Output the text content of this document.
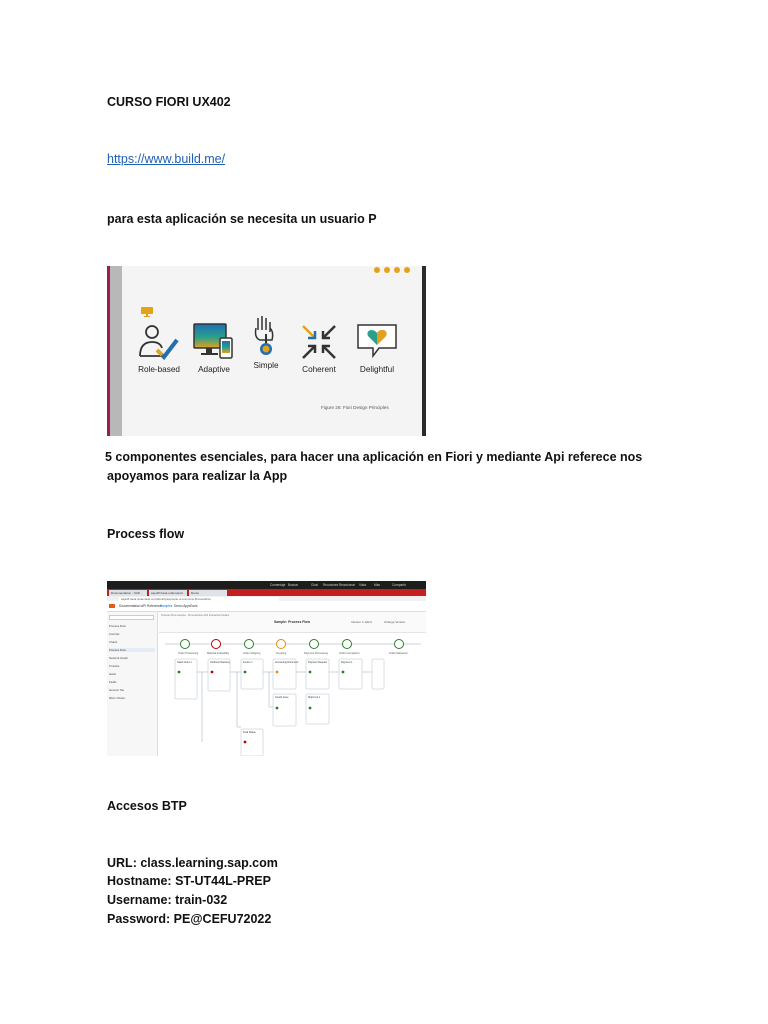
CURSO FIORI UX402
https://www.build.me/
para esta aplicación se necesita un usuario P
Role-based	Adaptive	Simple	Coherent	Delightful
Figure 26: Fiori Design Principles
5 componentes esenciales, para hacer una aplicación en Fiori y mediante Api referece nos
apoyamos para realizar la App
Process flow
Comentaje Buscar	Chat Reuniones Reaccionar Vista Más	Compartir
Documentation - SAP...	sapui5.hana.ondemand...	Demo
sapui5.hana.ondemand.com/#/entity/sap.suite.ui.commons.ProcessFlow
Documentation API Reference
Samples Demo Apps Tools
Process Flow
Controls
Charts
Process Flow
Network Graph
Timeline
Gantt
Fields
Generic Tile
Micro Charts
Process Flow sample - ProcessFlow with Interactive Nodes
Sample: Process Flow	Version 1.120.0	Change Version
Order Processing	Material Availability	Order Shipping	Invoicing	Payment Processing	Order Completion	Order Delivered
Sales Order 1	Outbound Delivery	Invoice 1	Accounting Document	Payment Request	Payment 1
Final Status
Goods Issue	Shipment 1
Accesos BTP
URL: class.learning.sap.com
Hostname: ST-UT44L-PREP
Username: train-032
Password: PE@CEFU72022
